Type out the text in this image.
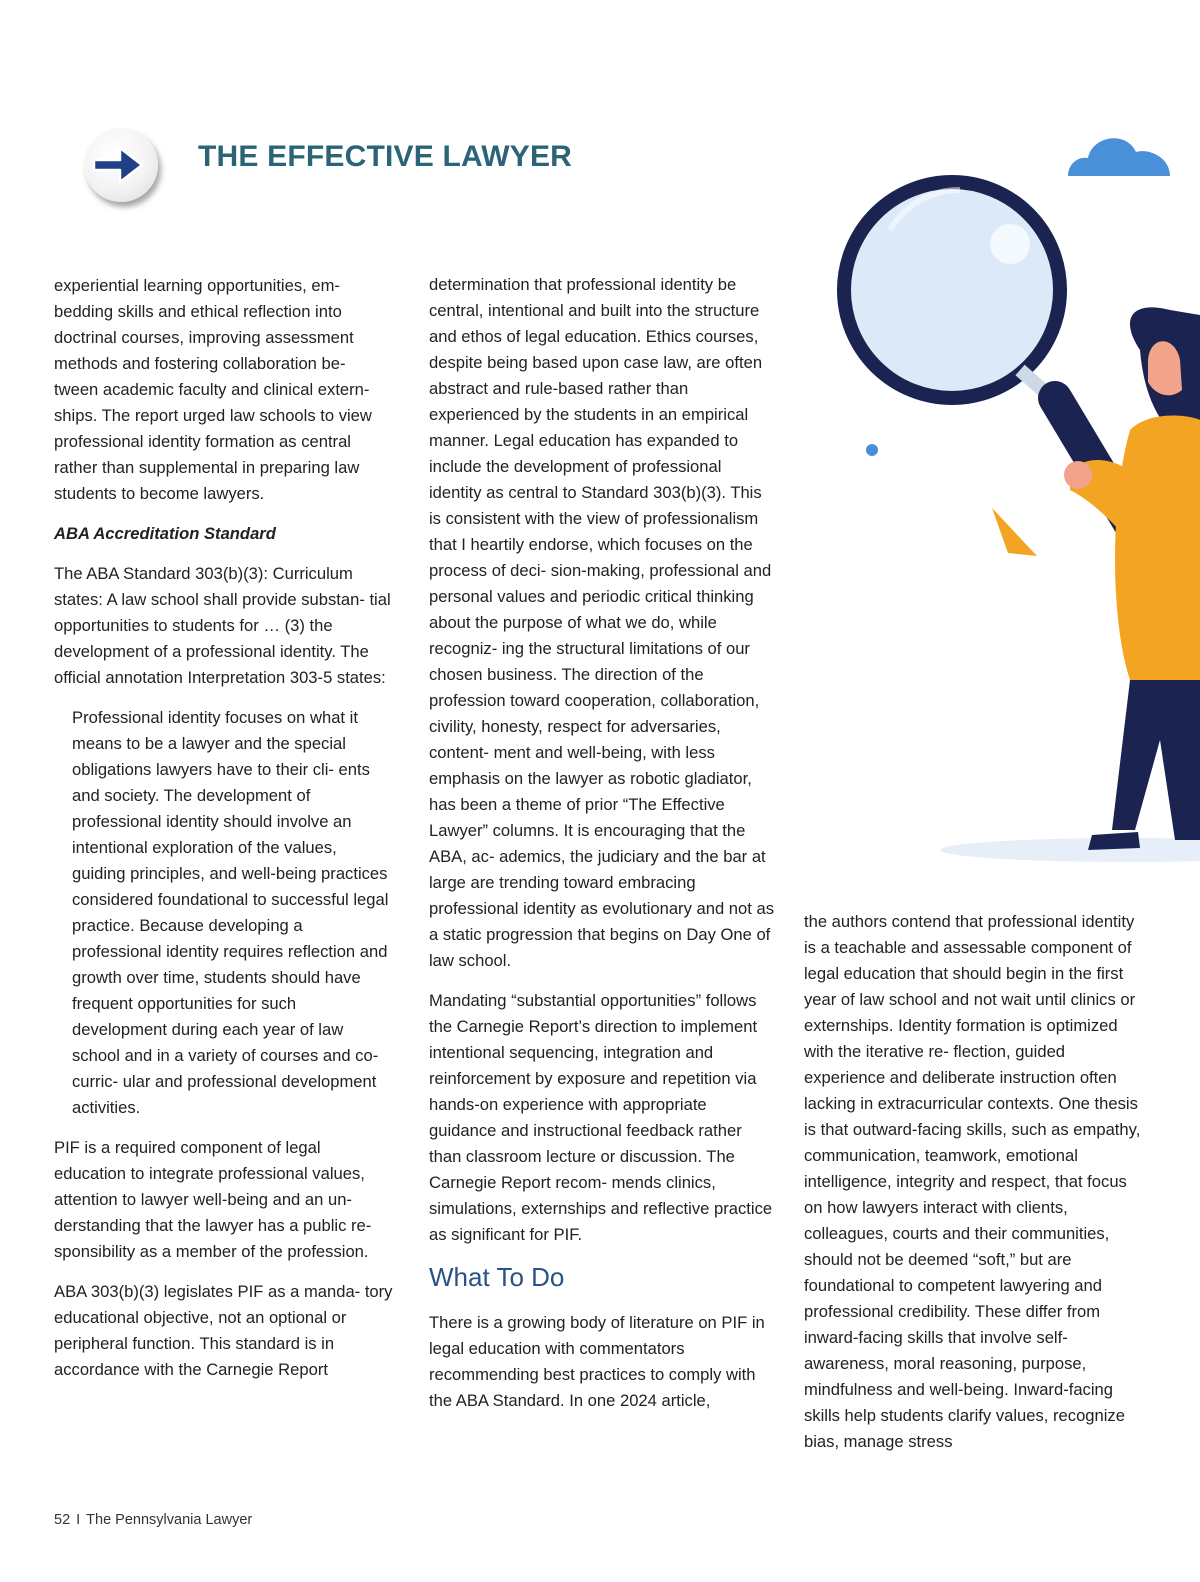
THE EFFECTIVE LAWYER

experiential learning opportunities, em- bedding skills and ethical reflection into doctrinal courses, improving assessment methods and fostering collaboration be- tween academic faculty and clinical extern- ships. The report urged law schools to view professional identity formation as central rather than supplemental in preparing law students to become lawyers.

ABA Accreditation Standard

The ABA Standard 303(b)(3): Curriculum states: A law school shall provide substan- tial opportunities to students for … (3) the development of a professional identity. The official annotation Interpretation 303-5 states:

Professional identity focuses on what it means to be a lawyer and the special obligations lawyers have to their cli- ents and society. The development of professional identity should involve an intentional exploration of the values, guiding principles, and well-being practices considered foundational to successful legal practice. Because developing a professional identity requires reflection and growth over time, students should have frequent opportunities for such development during each year of law school and in a variety of courses and co-curric- ular and professional development activities.

PIF is a required component of legal education to integrate professional values, attention to lawyer well-being and an un- derstanding that the lawyer has a public re- sponsibility as a member of the profession.

ABA 303(b)(3) legislates PIF as a manda- tory educational objective, not an optional or peripheral function. This standard is in accordance with the Carnegie Report

determination that professional identity be central, intentional and built into the structure and ethos of legal education. Ethics courses, despite being based upon case law, are often abstract and rule-based rather than experienced by the students in an empirical manner. Legal education has expanded to include the development of professional identity as central to Standard 303(b)(3). This is consistent with the view of professionalism that I heartily endorse, which focuses on the process of deci- sion-making, professional and personal values and periodic critical thinking about the purpose of what we do, while recogniz- ing the structural limitations of our chosen business. The direction of the profession toward cooperation, collaboration, civility, honesty, respect for adversaries, content- ment and well-being, with less emphasis on the lawyer as robotic gladiator, has been a theme of prior “The Effective Lawyer” columns. It is encouraging that the ABA, ac- ademics, the judiciary and the bar at large are trending toward embracing professional identity as evolutionary and not as a static progression that begins on Day One of law school.

Mandating “substantial opportunities” follows the Carnegie Report’s direction to implement intentional sequencing, integration and reinforcement by exposure and repetition via hands-on experience with appropriate guidance and instructional feedback rather than classroom lecture or discussion. The Carnegie Report recom- mends clinics, simulations, externships and reflective practice as significant for PIF.

What To Do

There is a growing body of literature on PIF in legal education with commentators recommending best practices to comply with the ABA Standard. In one 2024 article,

the authors contend that professional identity is a teachable and assessable component of legal education that should begin in the first year of law school and not wait until clinics or externships. Identity formation is optimized with the iterative re- flection, guided experience and deliberate instruction often lacking in extracurricular contexts. One thesis is that outward-facing skills, such as empathy, communication, teamwork, emotional intelligence, integrity and respect, that focus on how lawyers interact with clients, colleagues, courts and their communities, should not be deemed “soft,” but are foundational to competent lawyering and professional credibility. These differ from inward-facing skills that involve self-awareness, moral reasoning, purpose, mindfulness and well-being. Inward-facing skills help students clarify values, recognize bias, manage stress

52 I The Pennsylvania Lawyer
